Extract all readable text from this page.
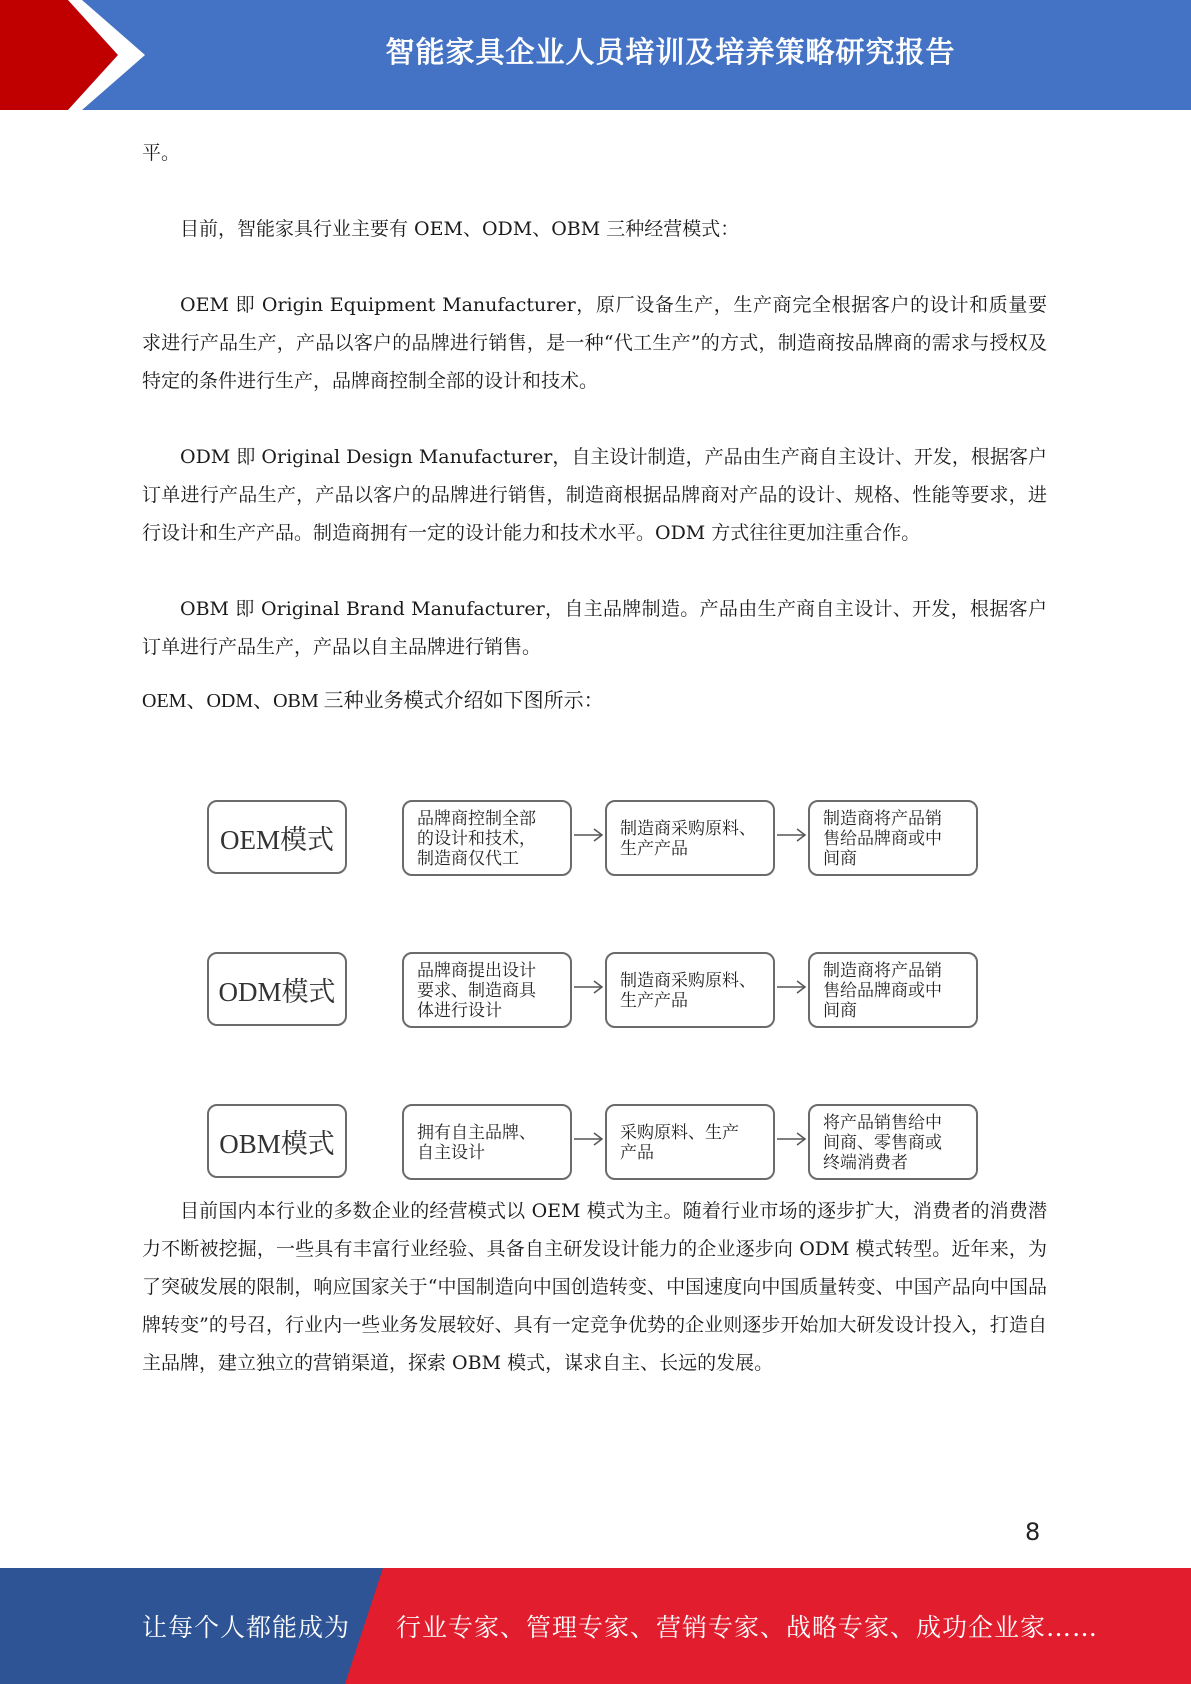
智能家具企业人员培训及培养策略研究报告

平。

目前，智能家具行业主要有 OEM、ODM、OBM 三种经营模式：

OEM 即 Origin Equipment Manufacturer，原厂设备生产，生产商完全根据客户的设计和质量要求进行产品生产，产品以客户的品牌进行销售，是一种“代工生产”的方式，制造商按品牌商的需求与授权及特定的条件进行生产，品牌商控制全部的设计和技术。

ODM 即 Original Design Manufacturer，自主设计制造，产品由生产商自主设计、开发，根据客户订单进行产品生产，产品以客户的品牌进行销售，制造商根据品牌商对产品的设计、规格、性能等要求，进行设计和生产产品。制造商拥有一定的设计能力和技术水平。ODM 方式往往更加注重合作。

OBM 即 Original Brand Manufacturer，自主品牌制造。产品由生产商自主设计、开发，根据客户订单进行产品生产，产品以自主品牌进行销售。

OEM、ODM、OBM 三种业务模式介绍如下图所示：

目前国内本行业的多数企业的经营模式以 OEM 模式为主。随着行业市场的逐步扩大，消费者的消费潜力不断被挖掘，一些具有丰富行业经验、具备自主研发设计能力的企业逐步向 ODM 模式转型。近年来，为了突破发展的限制，响应国家关于“中国制造向中国创造转变、中国速度向中国质量转变、中国产品向中国品牌转变”的号召，行业内一些业务发展较好、具有一定竞争优势的企业则逐步开始加大研发设计投入，打造自主品牌，建立独立的营销渠道，探索 OBM 模式，谋求自主、长远的发展。

OEM模式
品牌商控制全部
的设计和技术，
制造商仅代工
制造商采购原料、
生产产品
制造商将产品销
售给品牌商或中
间商
ODM模式
品牌商提出设计
要求、制造商具
体进行设计
制造商采购原料、
生产产品
制造商将产品销
售给品牌商或中
间商
OBM模式	拥有自主品牌、
自主设计
采购原料、生产
产品
将产品销售给中
间商、零售商或
终端消费者
8
让每个人都能成为 行业专家、管理专家、营销专家、战略专家、成功企业家……
